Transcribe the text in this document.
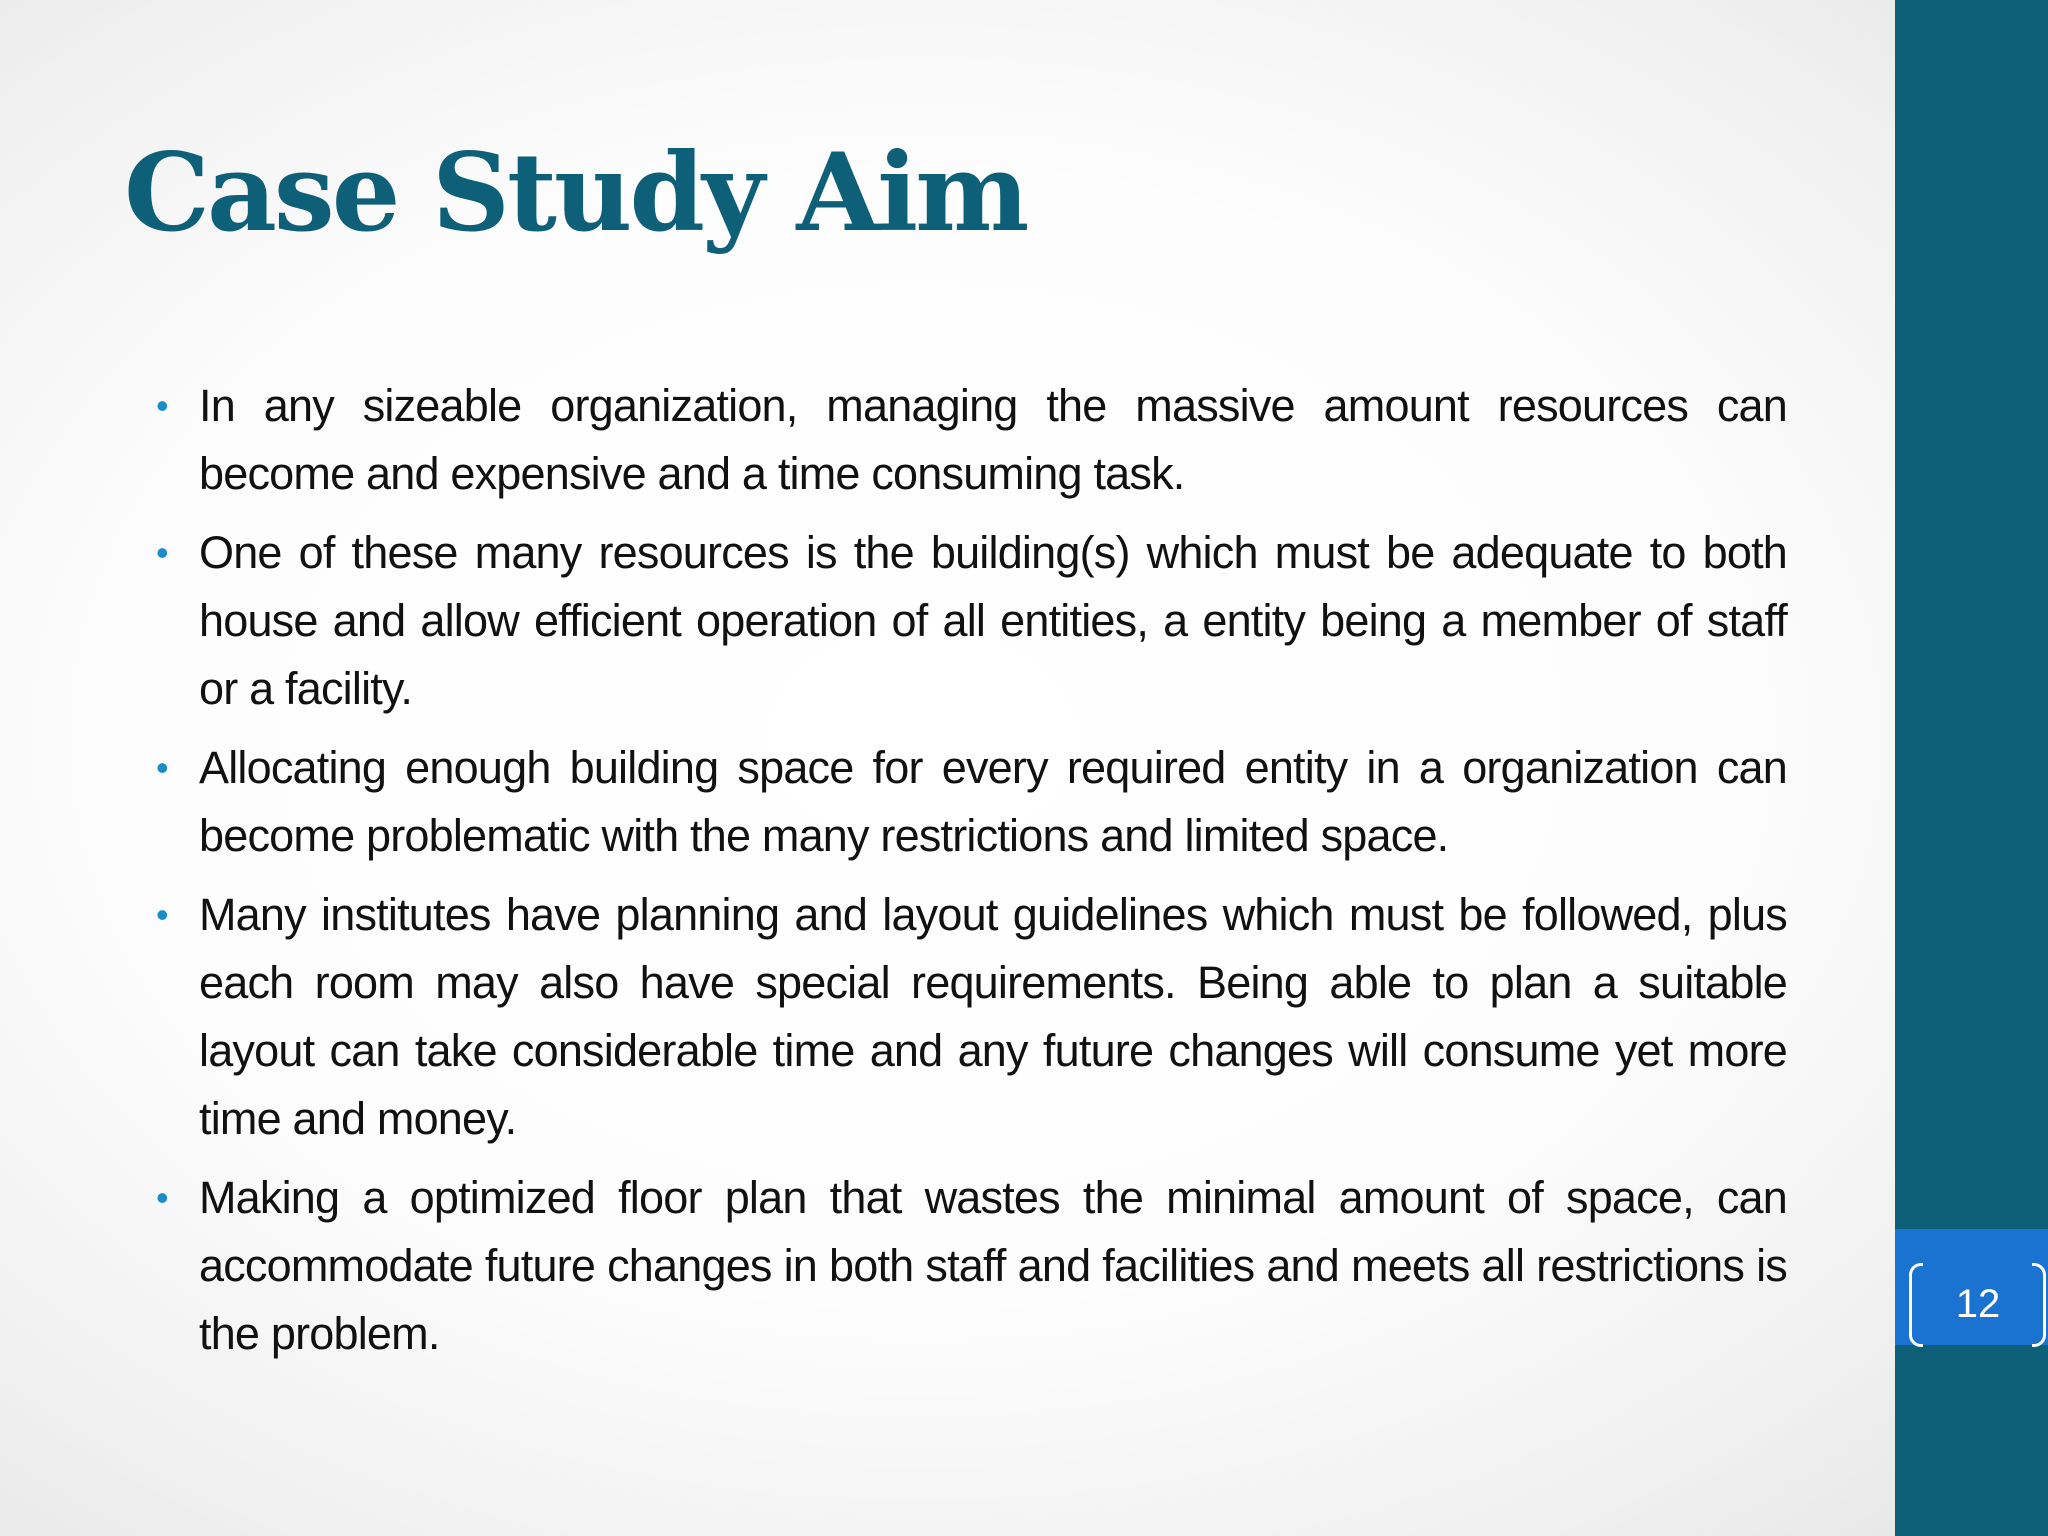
12
Case Study Aim
• In any sizeable organization, managing the massive amount resources can become and expensive and a time consuming task.
• One of these many resources is the building(s) which must be adequate to both house and allow efficient operation of all entities, a entity being a member of staff or a facility.
• Allocating enough building space for every required entity in a organization can become problematic with the many restrictions and limited space.
• Many institutes have planning and layout guidelines which must be followed, plus each room may also have special requirements. Being able to plan a suitable layout can take considerable time and any future changes will consume yet more time and money.
• Making a optimized floor plan that wastes the minimal amount of space, can accommodate future changes in both staff and facilities and meets all restrictions is the problem.
